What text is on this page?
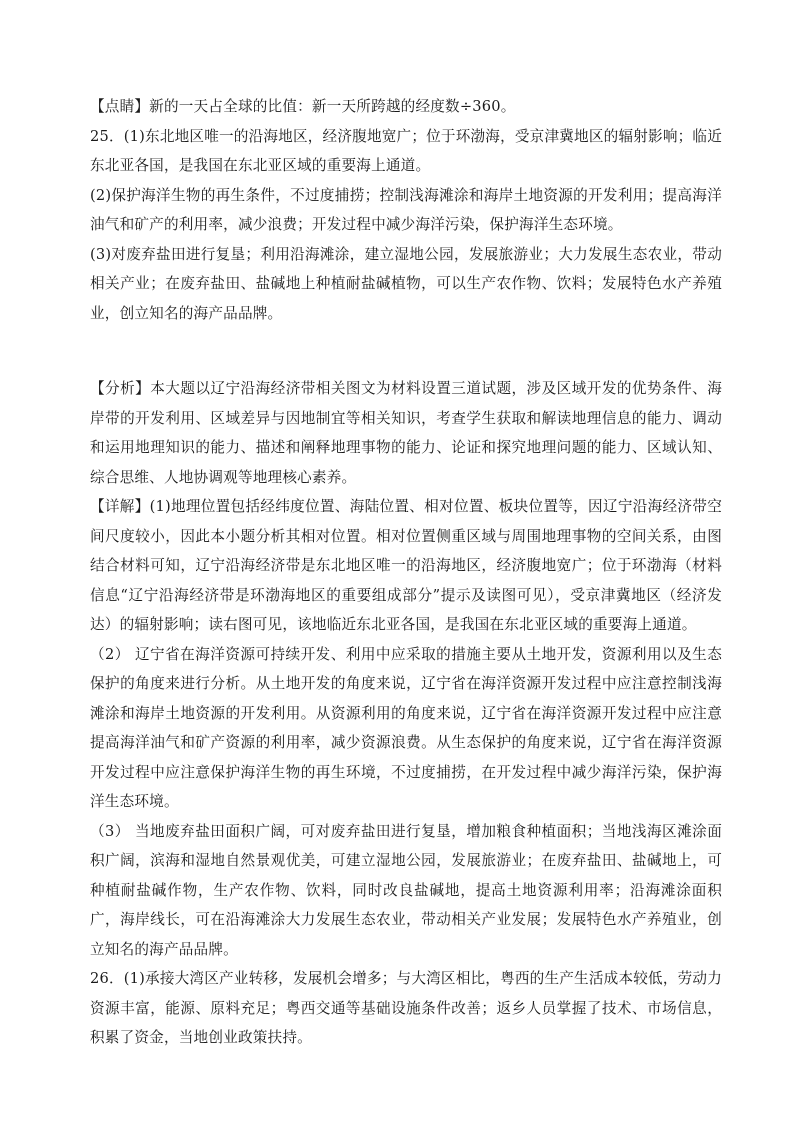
【点睛】新的一天占全球的比值：新一天所跨越的经度数÷360。

25．(1)东北地区唯一的沿海地区，经济腹地宽广；位于环渤海，受京津冀地区的辐射影响；临近东北亚各国，是我国在东北亚区域的重要海上通道。

(2)保护海洋生物的再生条件，不过度捕捞；控制浅海滩涂和海岸土地资源的开发利用；提高海洋油气和矿产的利用率，减少浪费；开发过程中减少海洋污染，保护海洋生态环境。

(3)对废弃盐田进行复垦；利用沿海滩涂，建立湿地公园，发展旅游业；大力发展生态农业，带动相关产业；在废弃盐田、盐碱地上种植耐盐碱植物，可以生产农作物、饮料；发展特色水产养殖业，创立知名的海产品品牌。

【分析】本大题以辽宁沿海经济带相关图文为材料设置三道试题，涉及区域开发的优势条件、海岸带的开发利用、区域差异与因地制宜等相关知识，考查学生获取和解读地理信息的能力、调动和运用地理知识的能力、描述和阐释地理事物的能力、论证和探究地理问题的能力、区域认知、综合思维、人地协调观等地理核心素养。

【详解】(1)地理位置包括经纬度位置、海陆位置、相对位置、板块位置等，因辽宁沿海经济带空间尺度较小，因此本小题分析其相对位置。相对位置侧重区域与周围地理事物的空间关系，由图结合材料可知，辽宁沿海经济带是东北地区唯一的沿海地区，经济腹地宽广；位于环渤海（材料信息“辽宁沿海经济带是环渤海地区的重要组成部分”提示及读图可见），受京津冀地区（经济发达）的辐射影响；读右图可见，该地临近东北亚各国，是我国在东北亚区域的重要海上通道。

（2） 辽宁省在海洋资源可持续开发、利用中应采取的措施主要从土地开发，资源利用以及生态保护的角度来进行分析。从土地开发的角度来说，辽宁省在海洋资源开发过程中应注意控制浅海滩涂和海岸土地资源的开发利用。从资源利用的角度来说，辽宁省在海洋资源开发过程中应注意提高海洋油气和矿产资源的利用率，减少资源浪费。从生态保护的角度来说，辽宁省在海洋资源开发过程中应注意保护海洋生物的再生环境，不过度捕捞，在开发过程中减少海洋污染，保护海洋生态环境。

（3） 当地废弃盐田面积广阔，可对废弃盐田进行复垦，增加粮食种植面积；当地浅海区滩涂面积广阔，滨海和湿地自然景观优美，可建立湿地公园，发展旅游业；在废弃盐田、盐碱地上，可种植耐盐碱作物，生产农作物、饮料，同时改良盐碱地，提高土地资源利用率；沿海滩涂面积广，海岸线长，可在沿海滩涂大力发展生态农业，带动相关产业发展；发展特色水产养殖业，创立知名的海产品品牌。

26．(1)承接大湾区产业转移，发展机会增多；与大湾区相比，粤西的生产生活成本较低，劳动力资源丰富，能源、原料充足；粤西交通等基础设施条件改善；返乡人员掌握了技术、市场信息，积累了资金，当地创业政策扶持。
